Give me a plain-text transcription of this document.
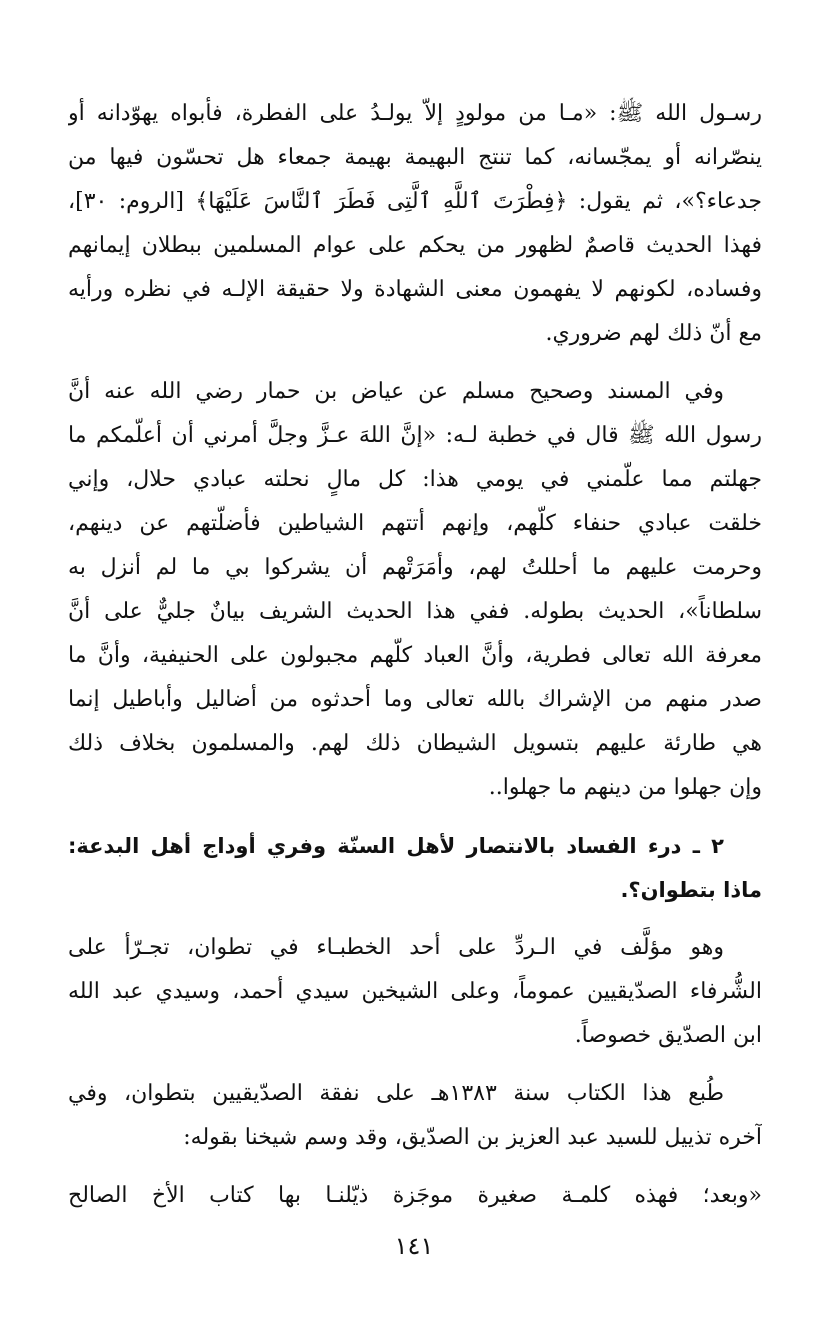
رسـول الله ﷺ: «مـا من مولودٍ إلاّ يولـدُ على الفطرة، فأبواه يهوّدانه أو
ينصّرانه أو يمجّسانه، كما تنتج البهيمة بهيمة جمعاء هل تحسّون فيها من
جدعاء؟»، ثم يقول: ﴿فِطْرَتَ ٱللَّهِ ٱلَّتِى فَطَرَ ٱلنَّاسَ عَلَيْهَا﴾ [الروم: ٣٠]،
فهذا الحديث قاصمٌ لظهور من يحكم على عوام المسلمين ببطلان إيمانهم
وفساده، لكونهم لا يفهمون معنى الشهادة ولا حقيقة الإلـه في نظره ورأيه
مع أنّ ذلك لهم ضروري.
وفي المسند وصحيح مسلم عن عياض بن حمار رضي الله عنه أنَّ
رسول الله ﷺ قال في خطبة لـه: «إنَّ اللهَ عـزَّ وجلَّ أمرني أن أعلّمكم ما
جهلتم مما علّمني في يومي هذا: كل مالٍ نحلته عبادي حلال، وإني
خلقت عبادي حنفاء كلّهم، وإنهم أتتهم الشياطين فأضلّتهم عن دينهم،
وحرمت عليهم ما أحللتُ لهم، وأمَرَتْهم أن يشركوا بي ما لم أنزل به
سلطاناً»، الحديث بطوله. ففي هذا الحديث الشريف بيانٌ جليٌّ على أنَّ
معرفة الله تعالى فطرية، وأنَّ العباد كلّهم مجبولون على الحنيفية، وأنَّ ما
صدر منهم من الإشراك بالله تعالى وما أحدثوه من أضاليل وأباطيل إنما
هي طارئة عليهم بتسويل الشيطان ذلك لهم. والمسلمون بخلاف ذلك
وإن جهلوا من دينهم ما جهلوا..
٢ ـ درء الفساد بالانتصار لأهل السنّة وفري أوداج أهل البدعة:
ماذا بتطوان؟.
وهو مؤلَّف في الـردِّ على أحد الخطبـاء في تطوان، تجـرّأ على
الشُّرفاء الصدّيقيين عموماً، وعلى الشيخين سيدي أحمد، وسيدي عبد الله
ابن الصدّيق خصوصاً.
طُبع هذا الكتاب سنة ١٣٨٣هـ على نفقة الصدّيقيين بتطوان، وفي
آخره تذييل للسيد عبد العزيز بن الصدّيق، وقد وسم شيخنا بقوله:
«وبعد؛ فهذه كلمـة صغيرة موجَزة ذيّلنـا بها كتاب الأخ الصالح
١٤١
